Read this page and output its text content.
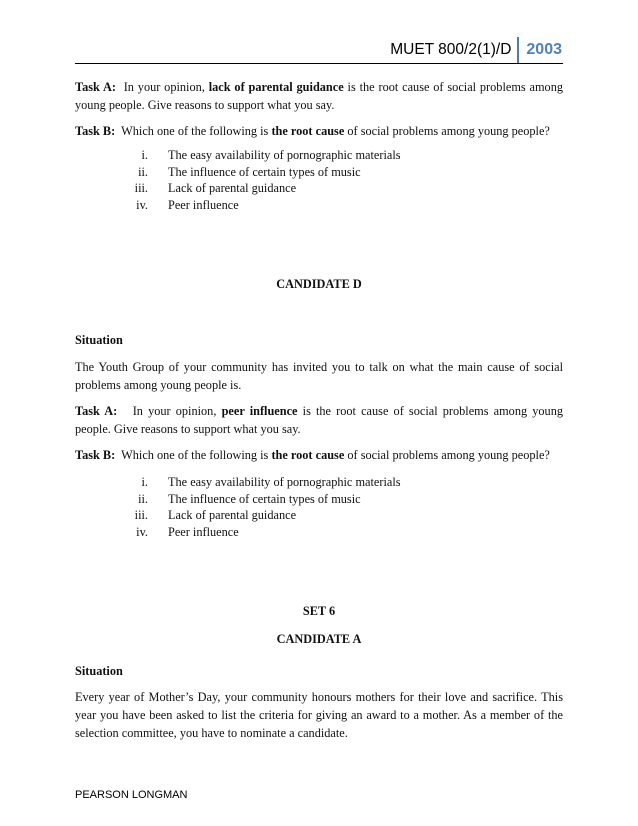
MUET 800/2(1)/D 2003

Task A: In your opinion, lack of parental guidance is the root cause of social problems among young people. Give reasons to support what you say.

Task B: Which one of the following is the root cause of social problems among young people?

i.	The easy availability of pornographic materials
ii.	The influence of certain types of music
iii.	Lack of parental guidance
iv.	Peer influence
CANDIDATE D

Situation

The Youth Group of your community has invited you to talk on what the main cause of social problems among young people is.

Task A: In your opinion, peer influence is the root cause of social problems among young people. Give reasons to support what you say.

Task B: Which one of the following is the root cause of social problems among young people?

i.	The easy availability of pornographic materials
ii.	The influence of certain types of music
iii.	Lack of parental guidance
iv.	Peer influence
SET 6
CANDIDATE A

Situation

Every year of Mother’s Day, your community honours mothers for their love and sacrifice. This year you have been asked to list the criteria for giving an award to a mother. As a member of the selection committee, you have to nominate a candidate.

PEARSON LONGMAN
